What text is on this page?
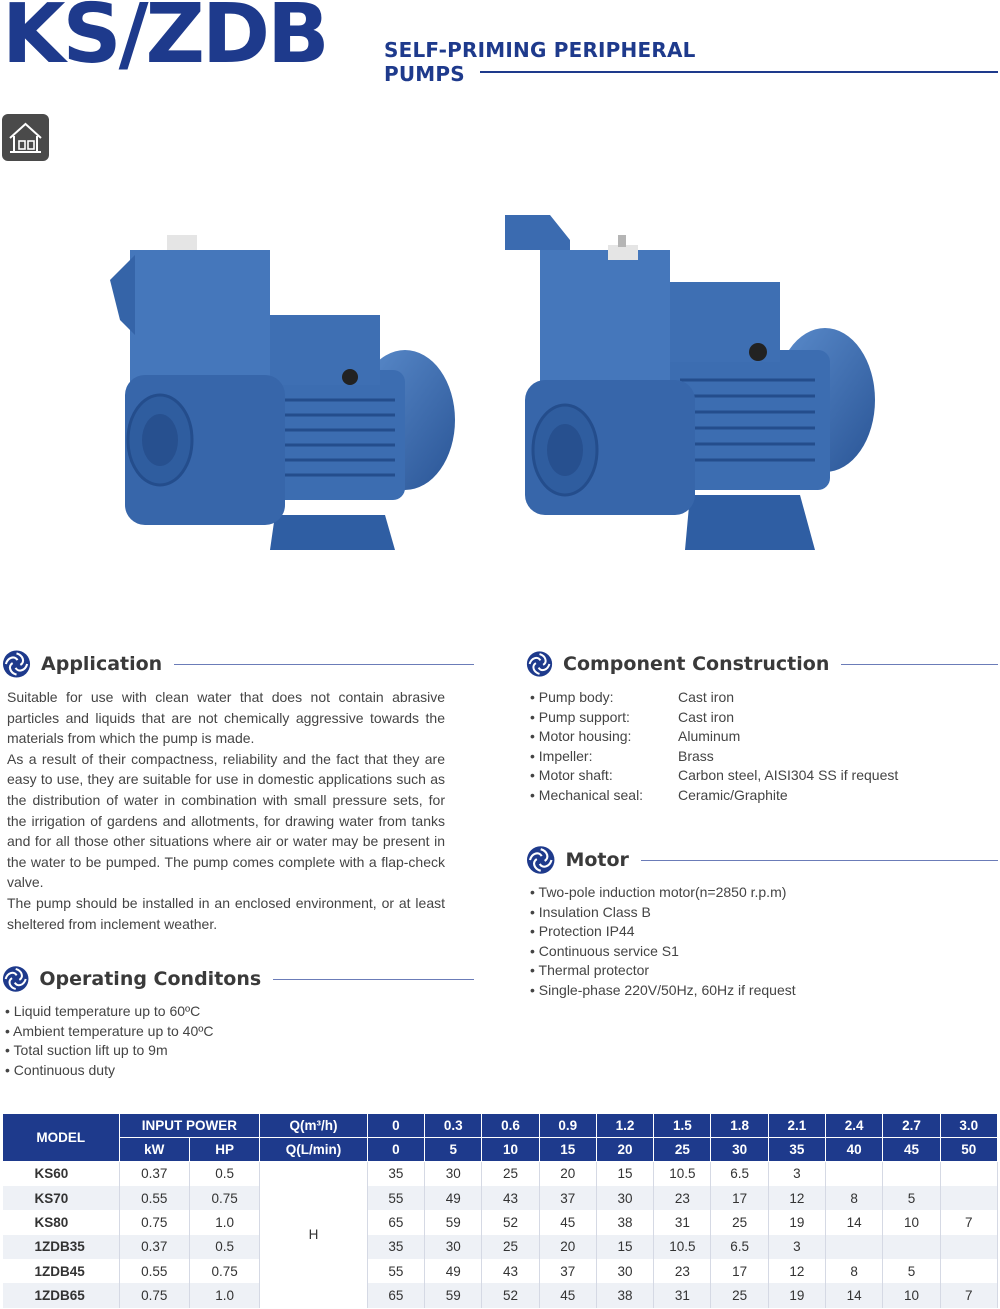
KS/ZDB	SELF-PRIMING PERIPHERAL
PUMPS
Application

Suitable for use with clean water that does not contain abrasive particles and liquids that are not chemically aggressive towards the materials from which the pump is made.

As a result of their compactness, reliability and the fact that they are easy to use, they are suitable for use in domestic applications such as the distribution of water in combination with small pressure sets, for the irrigation of gardens and allotments, for drawing water from tanks and for all those other situations where air or water may be present in the water to be pumped. The pump comes complete with a flap-check valve.

The pump should be installed in an enclosed environment, or at least sheltered from inclement weather.

Operating Conditons
• Liquid temperature up to 60ºC
• Ambient temperature up to 40ºC
• Total suction lift up to 9m
• Continuous duty
Component Construction
• Pump body:	Cast iron
• Pump support:	Cast iron
• Motor housing:	Aluminum
• Impeller:	Brass
• Motor shaft:	Carbon steel, AISI304 SS if request
• Mechanical seal:	Ceramic/Graphite
Motor
• Two-pole induction motor(n=2850 r.p.m)
• Insulation Class B
• Protection IP44
• Continuous service S1
• Thermal protector
• Single-phase 220V/50Hz, 60Hz if request
MODEL	INPUT POWER		Q(m³/h)	0	0.3	0.6	0.9	1.2	1.5	1.8	2.1	2.4	2.7	3.0
	kW	HP	Q(L/min)	0	5	10	15	20	25	30	35	40	45	50
KS60	0.37	0.5	H	35	30	25	20	15	10.5	6.5	3			
KS70	0.55	0.75		55	49	43	37	30	23	17	12	8	5	
KS80	0.75	1.0		65	59	52	45	38	31	25	19	14	10	7
1ZDB35	0.37	0.5		35	30	25	20	15	10.5	6.5	3			
1ZDB45	0.55	0.75		55	49	43	37	30	23	17	12	8	5	
1ZDB65	0.75	1.0		65	59	52	45	38	31	25	19	14	10	7
